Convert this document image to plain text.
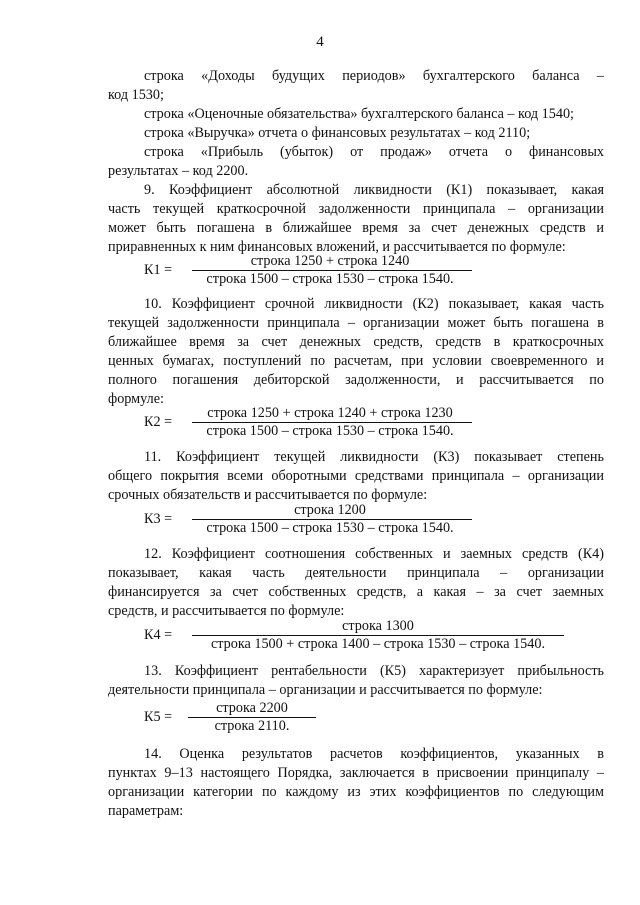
4
строка «Доходы будущих периодов» бухгалтерского баланса –
код 1530;
строка «Оценочные обязательства» бухгалтерского баланса – код 1540;
строка «Выручка» отчета о финансовых результатах – код 2110;
строка «Прибыль (убыток) от продаж» отчета о финансовых
результатах – код 2200.
9. Коэффициент абсолютной ликвидности (К1) показывает, какая
часть текущей краткосрочной задолженности принципала – организации
может быть погашена в ближайшее время за счет денежных средств и
приравненных к ним финансовых вложений, и рассчитывается по формуле:
К1 =
строка 1250 + строка 1240
строка 1500 – строка 1530 – строка 1540.
10. Коэффициент срочной ликвидности (К2) показывает, какая часть
текущей задолженности принципала – организации может быть погашена в
ближайшее время за счет денежных средств, средств в краткосрочных
ценных бумагах, поступлений по расчетам, при условии своевременного и
полного погашения дебиторской задолженности, и рассчитывается по
формуле:
К2 =
строка 1250 + строка 1240 + строка 1230
строка 1500 – строка 1530 – строка 1540.
11. Коэффициент текущей ликвидности (К3) показывает степень
общего покрытия всеми оборотными средствами принципала – организации
срочных обязательств и рассчитывается по формуле:
К3 =
строка 1200
строка 1500 – строка 1530 – строка 1540.
12. Коэффициент соотношения собственных и заемных средств (К4)
показывает, какая часть деятельности принципала – организации
финансируется за счет собственных средств, а какая – за счет заемных
средств, и рассчитывается по формуле:
К4 =
строка 1300
строка 1500 + строка 1400 – строка 1530 – строка 1540.
13. Коэффициент рентабельности (К5) характеризует прибыльность
деятельности принципала – организации и рассчитывается по формуле:
К5 =
строка 2200
строка 2110.
14. Оценка результатов расчетов коэффициентов, указанных в
пунктах 9–13 настоящего Порядка, заключается в присвоении принципалу –
организации категории по каждому из этих коэффициентов по следующим
параметрам:
